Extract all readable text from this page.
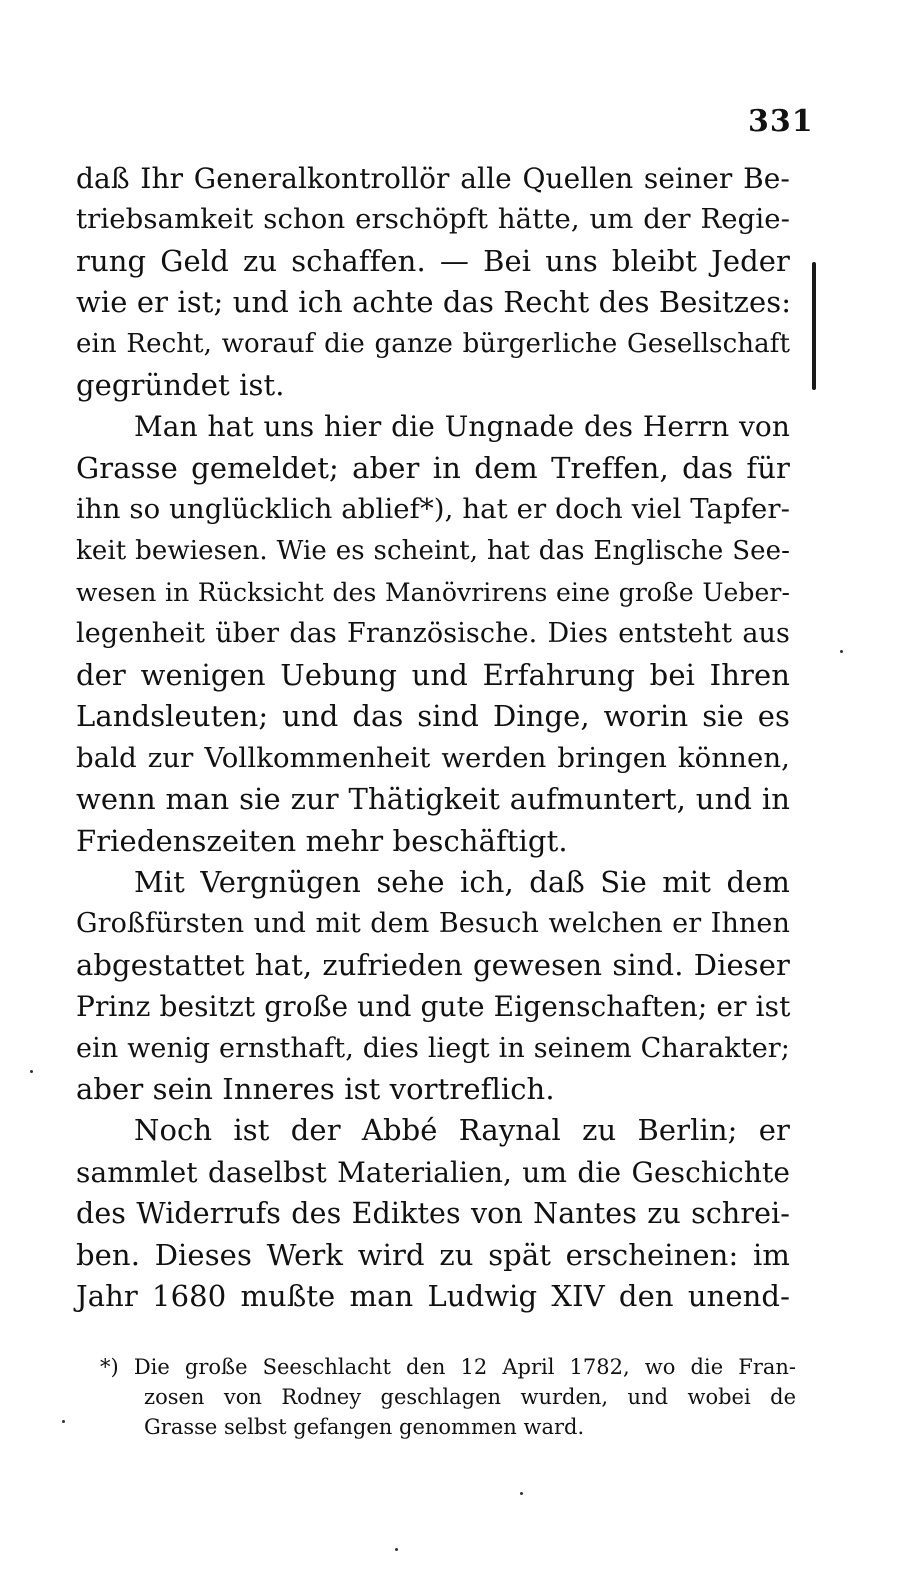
331
daß Ihr Generalkontrollör alle Quellen seiner Be-
triebsamkeit schon erschöpft hätte, um der Regie-
rung Geld zu schaffen. — Bei uns bleibt Jeder
wie er ist; und ich achte das Recht des Besitzes:
ein Recht, worauf die ganze bürgerliche Gesellschaft
gegründet ist.
Man hat uns hier die Ungnade des Herrn von
Grasse gemeldet; aber in dem Treffen, das für
ihn so unglücklich ablief*), hat er doch viel Tapfer-
keit bewiesen. Wie es scheint, hat das Englische See-
wesen in Rücksicht des Manövrirens eine große Ueber-
legenheit über das Französische. Dies entsteht aus
der wenigen Uebung und Erfahrung bei Ihren
Landsleuten; und das sind Dinge, worin sie es
bald zur Vollkommenheit werden bringen können,
wenn man sie zur Thätigkeit aufmuntert, und in
Friedenszeiten mehr beschäftigt.
Mit Vergnügen sehe ich, daß Sie mit dem
Großfürsten und mit dem Besuch welchen er Ihnen
abgestattet hat, zufrieden gewesen sind. Dieser
Prinz besitzt große und gute Eigenschaften; er ist
ein wenig ernsthaft, dies liegt in seinem Charakter;
aber sein Inneres ist vortreflich.
Noch ist der Abbé Raynal zu Berlin; er
sammlet daselbst Materialien, um die Geschichte
des Widerrufs des Ediktes von Nantes zu schrei-
ben. Dieses Werk wird zu spät erscheinen: im
Jahr 1680 mußte man Ludwig XIV den unend-
*) Die große Seeschlacht den 12 April 1782, wo die Fran-
zosen von Rodney geschlagen wurden, und wobei de
Grasse selbst gefangen genommen ward.
